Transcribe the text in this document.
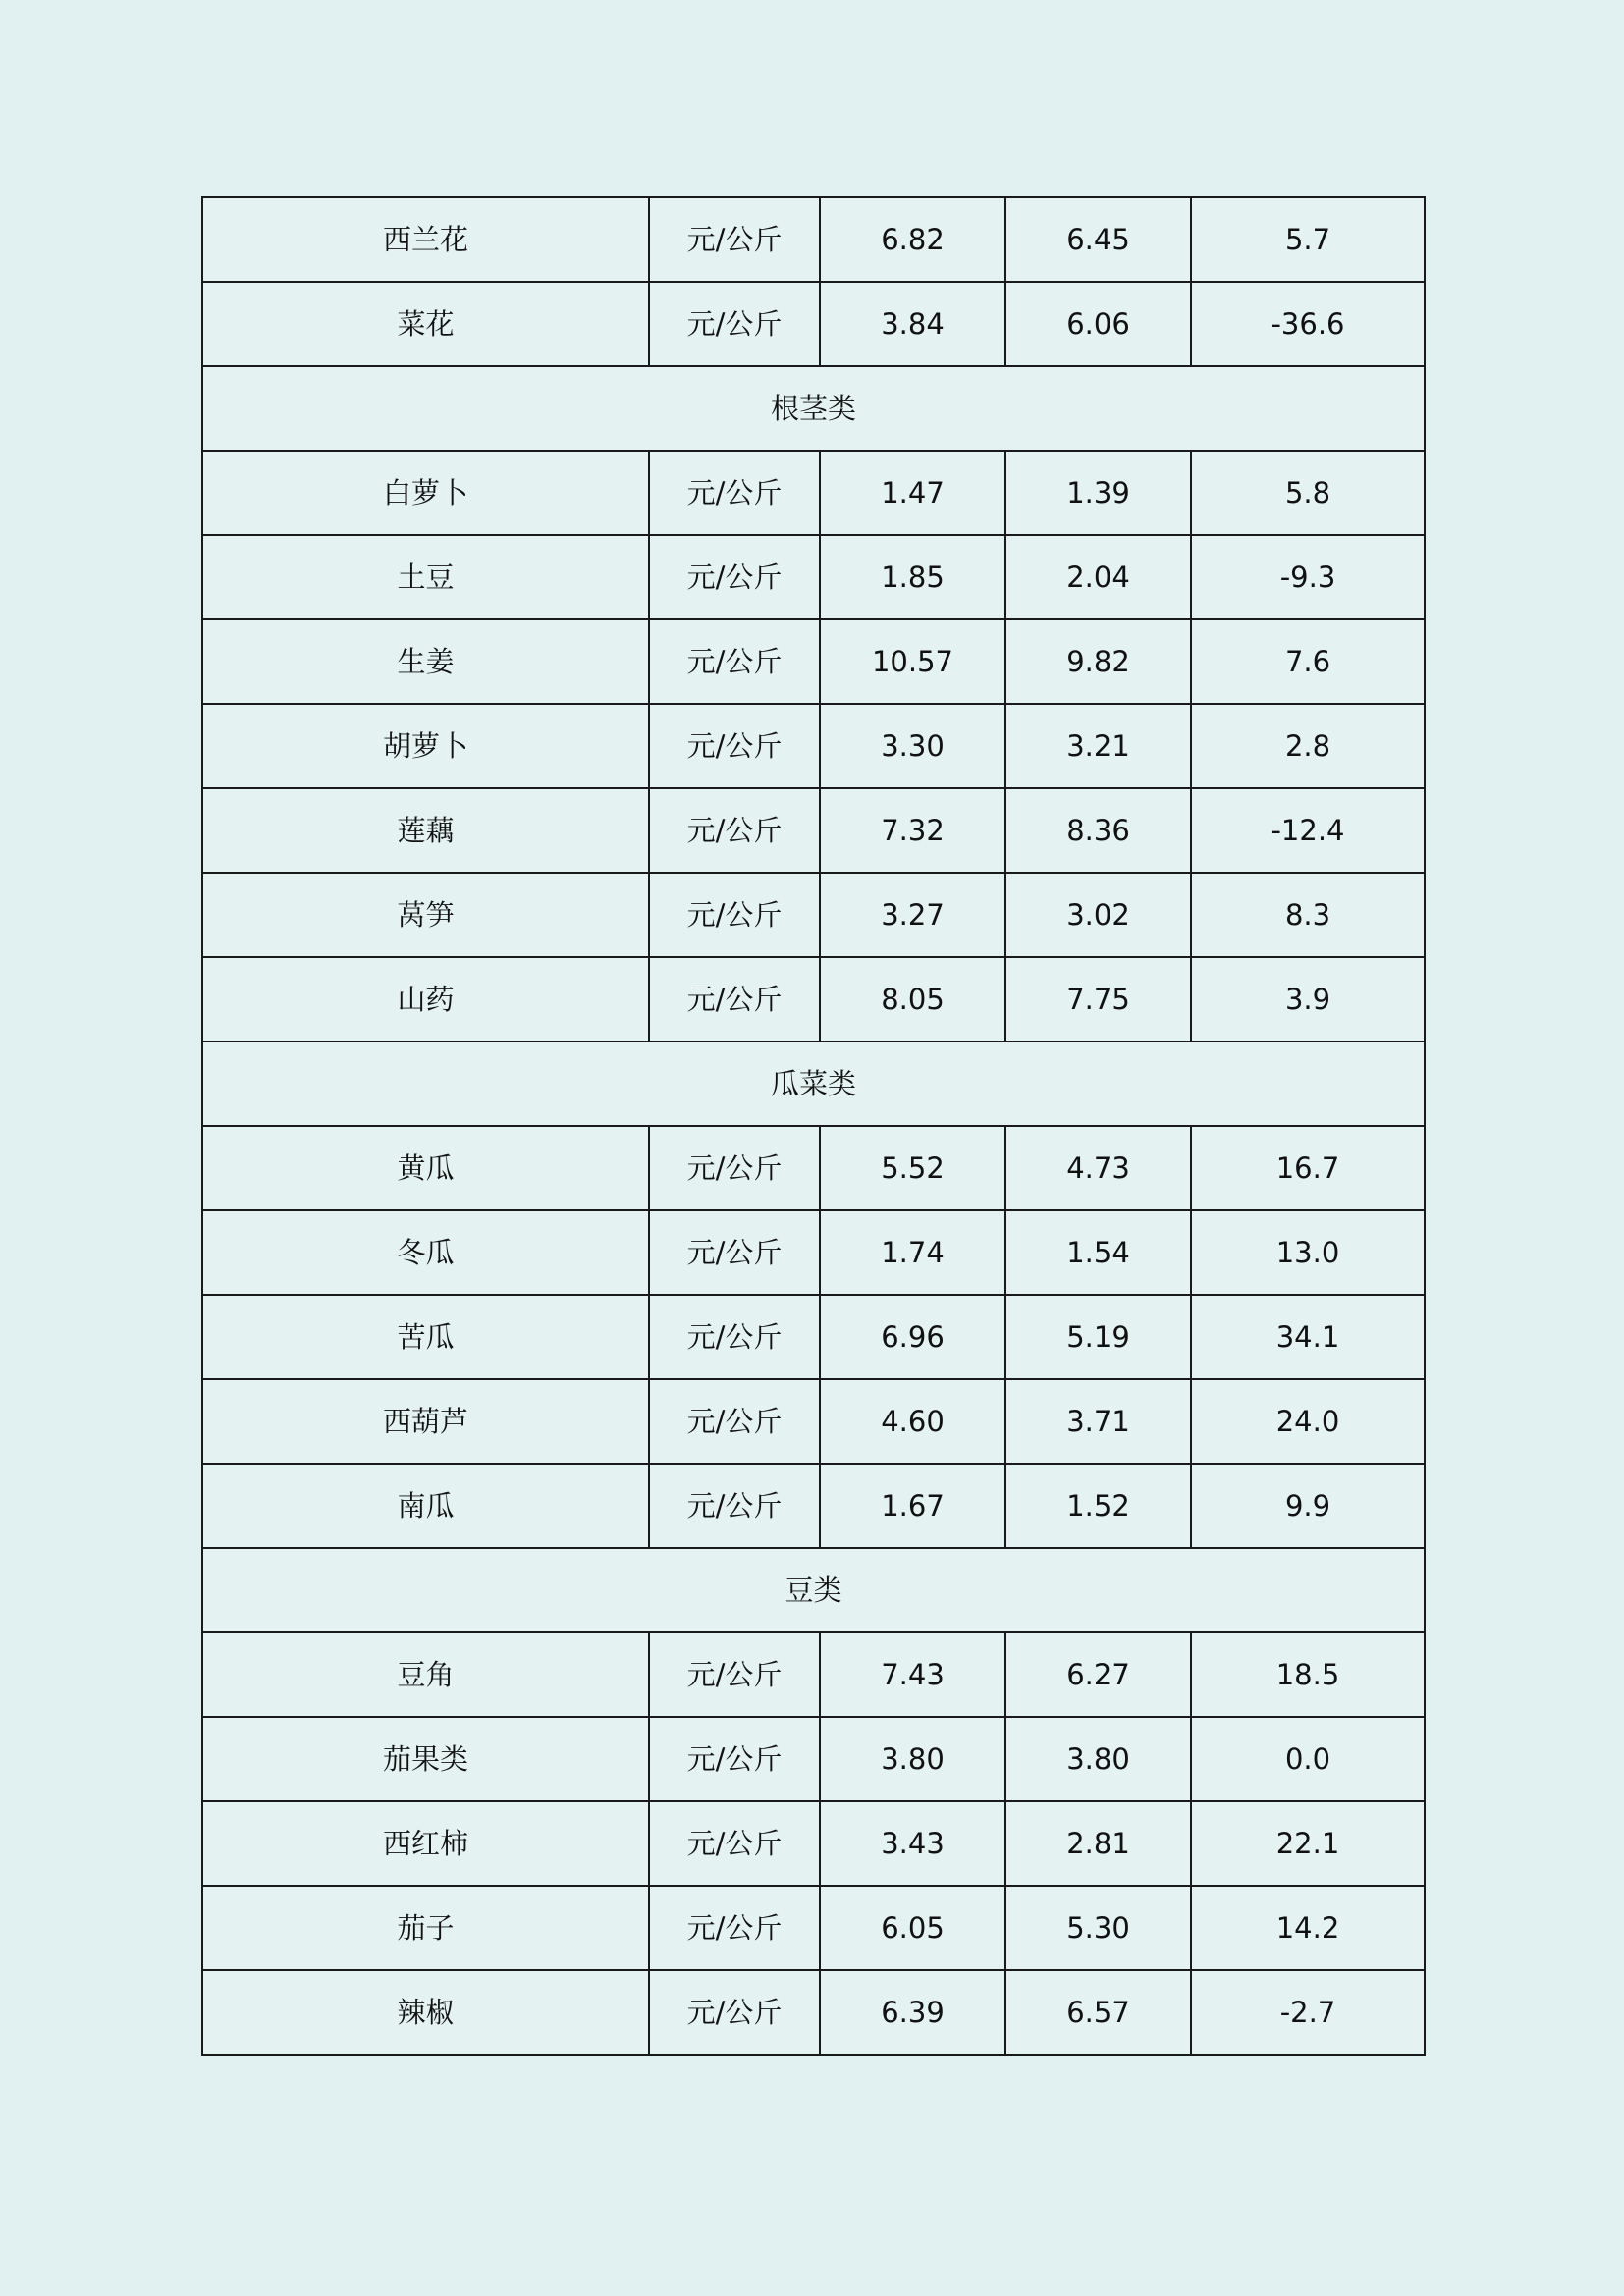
西兰花	元/公斤	6.82	6.45	5.7
菜花	元/公斤	3.84	6.06	-36.6
根茎类				
白萝卜	元/公斤	1.47	1.39	5.8
土豆	元/公斤	1.85	2.04	-9.3
生姜	元/公斤	10.57	9.82	7.6
胡萝卜	元/公斤	3.30	3.21	2.8
莲藕	元/公斤	7.32	8.36	-12.4
莴笋	元/公斤	3.27	3.02	8.3
山药	元/公斤	8.05	7.75	3.9
瓜菜类				
黄瓜	元/公斤	5.52	4.73	16.7
冬瓜	元/公斤	1.74	1.54	13.0
苦瓜	元/公斤	6.96	5.19	34.1
西葫芦	元/公斤	4.60	3.71	24.0
南瓜	元/公斤	1.67	1.52	9.9
豆类				
豆角	元/公斤	7.43	6.27	18.5
茄果类	元/公斤	3.80	3.80	0.0
西红柿	元/公斤	3.43	2.81	22.1
茄子	元/公斤	6.05	5.30	14.2
辣椒	元/公斤	6.39	6.57	-2.7
